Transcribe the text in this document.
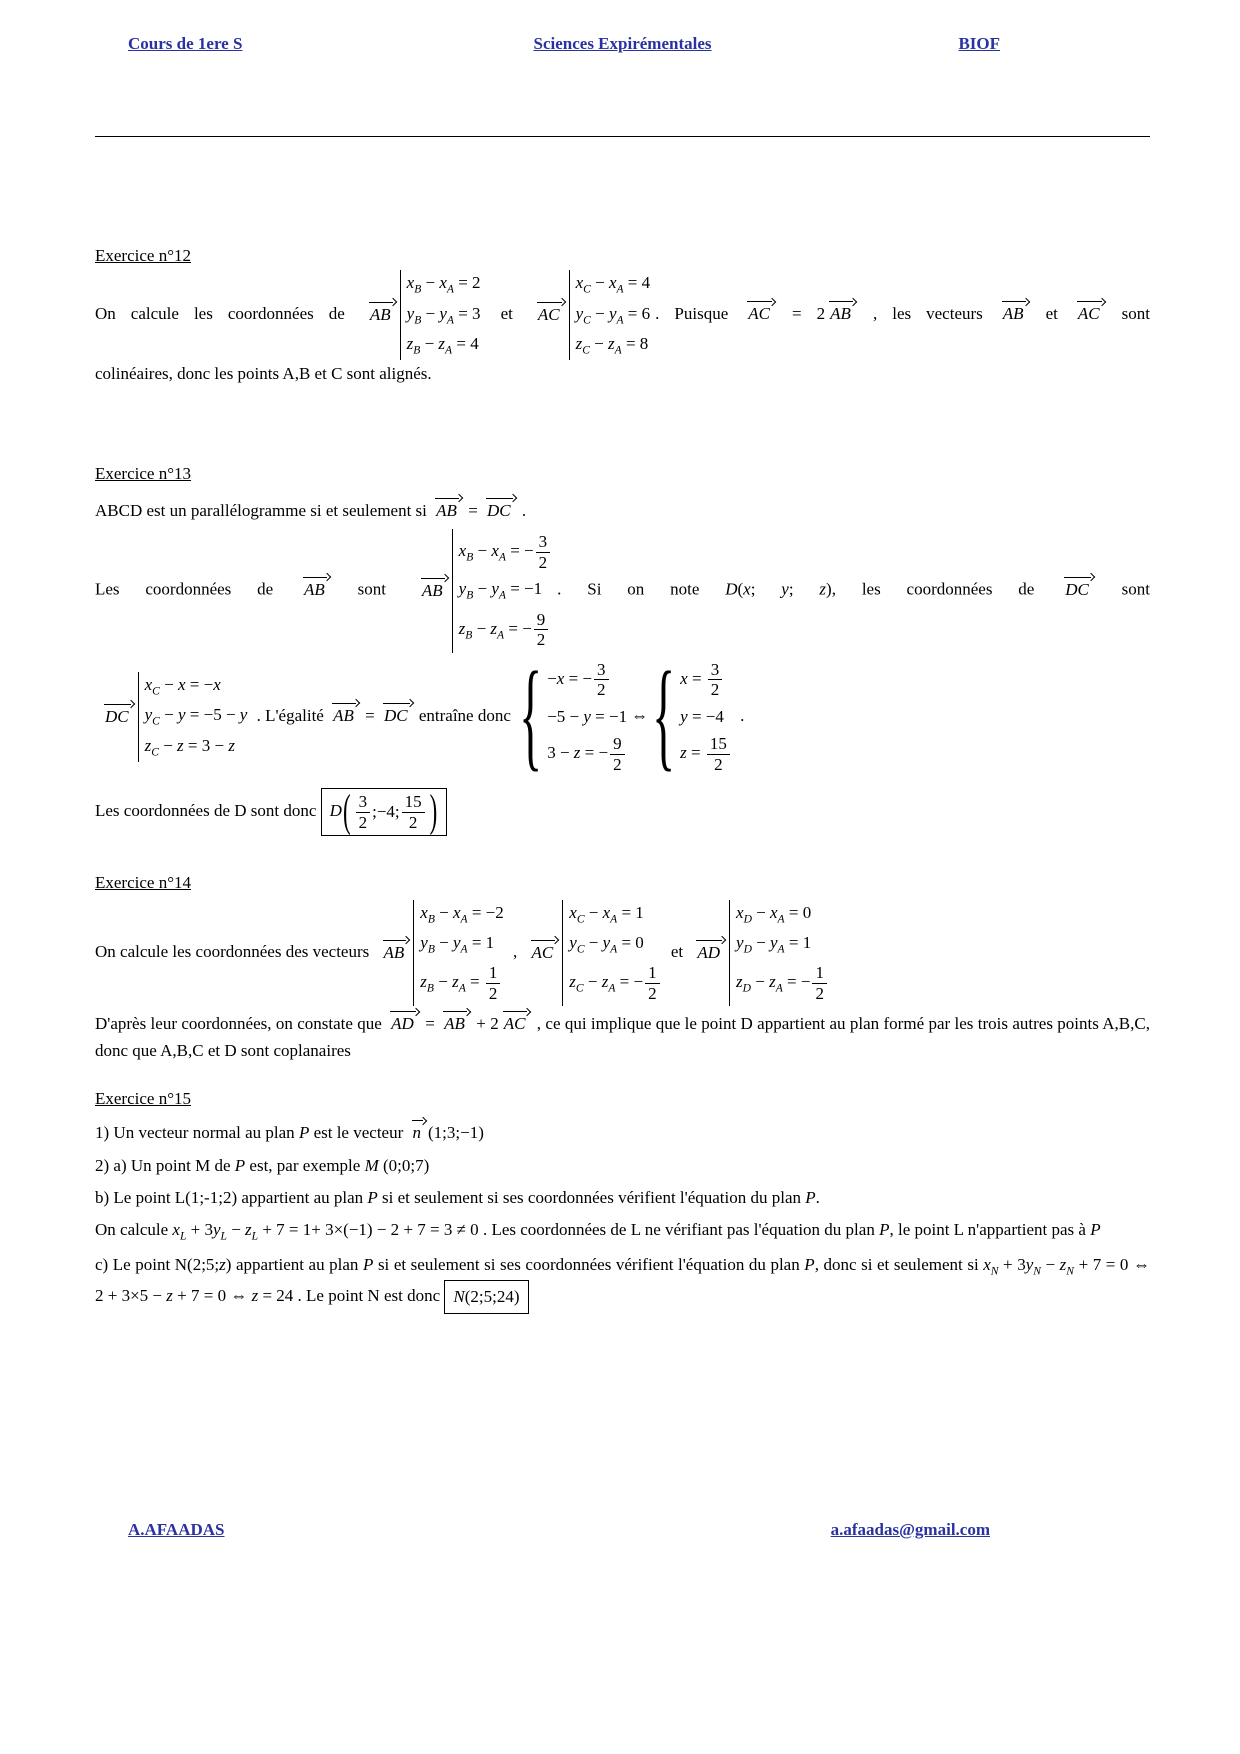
Cours de 1ere S	Sciences Expirémentales	BIOF

Exercice n°12

On calcule les coordonnées de AB
$x_B - x_A = 2$
$y_B - y_A = 3$
$z_B - z_A = 4$
et AC
$x_C - x_A = 4$
$y_C - y_A = 6$
$z_C - z_A = 8$
. Puisque AC = 2 AB , les vecteurs AB et AC sont

colinéaires, donc les points A,B et C sont alignés.

Exercice n°13

ABCD est un parallélogramme si et seulement si AB = DC .

Les coordonnées de AB sont AB
$x_B - x_A$ = − $\frac{3}{2}$
$y_B - y_A = -1$
$z_B - z_A$ = − $\frac{9}{2}$
. Si on note D(x; y; z), les coordonnées de DC sont

DC
$x_C - x = -x$
$y_C - y = -5 - y$
$z_C - z = 3 - z$
. L'égalité AB = DC entraîne donc { −x = − $\frac{3}{2}$
−5 − y = −1
3 − z = − $\frac{9}{2}$
⇔ { $x = \frac{3}{2}$
y = −4
$z = \frac{15}{2}$
.

Les coordonnées de D sont donc D ( $\frac{3}{2}$ ;−4; $\frac{15}{2}$ )

Exercice n°14

On calcule les coordonnées des vecteurs AB
$x_B - x_A = -2$
$y_B - y_A = 1$
$z_B - z_A = \frac{1}{2}$
, AC
$x_C - x_A = 1$
$y_C - y_A = 0$
$z_C - z_A$ = − $\frac{1}{2}$
et AD
$x_D - x_A = 0$
$y_D - y_A = 1$
$z_D - z_A$ = − $\frac{1}{2}$

D'après leur coordonnées, on constate que AD = AB + 2 AC , ce qui implique que le point D appartient au plan formé par les trois autres points A,B,C, donc que A,B,C et D sont coplanaires

Exercice n°15

1) Un vecteur normal au plan P est le vecteur n (1;3;−1)

2) a) Un point M de P est, par exemple M (0;0;7)

b) Le point L(1;-1;2) appartient au plan P si et seulement si ses coordonnées vérifient l'équation du plan P.

On calcule $x_L + 3y_L - z_L + 7 = 1+ 3\times(-1) - 2 + 7 = 3 \ne 0$ . Les coordonnées de L ne vérifiant pas l'équation du plan P, le point L n'appartient pas à P

c) Le point N(2;5;z) appartient au plan P si et seulement si ses coordonnées vérifient l'équation du plan P, donc si et seulement si $x_N + 3y_N - z_N + 7 = 0$ ⇔ 2 + 3×5 − z + 7 = 0 ⇔ z = 24 . Le point N est donc N(2;5;24)

A.AFAADAS	a.afaadas@gmail.com
